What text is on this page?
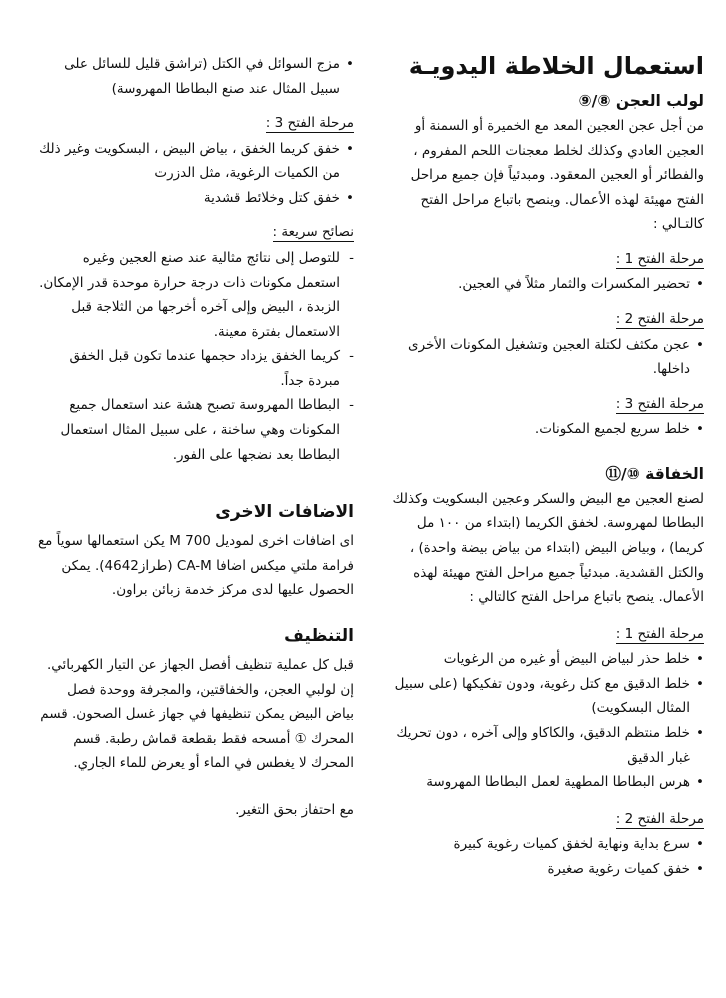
استعمال الخلاطة اليدويـة
لولب العجن ⑧/⑨

من أجل عجن العجين المعد مع الخميرة أو السمنة أو العجين العادي وكذلك لخلط معجنات اللحم المفروم ، والفطائر أو العجين المعقود. ومبدئياً فإن جميع مراحل الفتح مهيئة لهذه الأعمال. وينصح باتباع مراحل الفتح كالتـالي :

مرحلة الفتح 1 :
• تحضير المكسرات والثمار مثلاً في العجين.
مرحلة الفتح 2 :
• عجن مكثف لكتلة العجين وتشغيل المكونات الأخرى داخلها.
مرحلة الفتح 3 :
• خلط سريع لجميع المكونات.
الخفاقة ⑩/⑪

لصنع العجين مع البيض والسكر وعجين البسكويت وكذلك البطاطا لمهروسة. لخفق الكريما (ابتداء من ١٠٠ مل كريما) ، وبياض البيض (ابتداء من بياض بيضة واحدة) ، والكتل القشدية. مبدئياً جميع مراحل الفتح مهيئة لهذه الأعمال. ينصح باتباع مراحل الفتح كالتالي :

مرحلة الفتح 1 :
• خلط حذر لبياض البيض أو غيره من الرغويات
• خلط الدقيق مع كتل رغوية، ودون تفكيكها (على سبيل المثال البسكويت)
• خلط منتظم الدقيق، والكاكاو وإلى آخره ، دون تحريك غبار الدقيق
• هرس البطاطا المطهية لعمل البطاطا المهروسة
مرحلة الفتح 2 :
• سرع بداية ونهاية لخفق كميات رغوية كبيرة
• خفق كميات رغوية صغيرة
• مزج السوائل في الكتل (تراشق قليل للسائل على سبيل المثال عند صنع البطاطا المهروسة)
مرحلة الفتح 3 :
• خفق كريما الخفق ، بياض البيض ، البسكويت وغير ذلك من الكميات الرغوية، مثل الدزرت
• خفق كتل وخلائط قشدية
نصائح سريعة :
- للتوصل إلى نتائج مثالية عند صنع العجين وغيره استعمل مكونات ذات درجة حرارة موحدة قدر الإمكان. الزبدة ، البيض وإلى آخره أخرجها من الثلاجة قبل الاستعمال بفترة معينة.
- كريما الخفق يزداد حجمها عندما تكون قبل الخفق مبردة جداً.
- البطاطا المهروسة تصبح هشة عند استعمال جميع المكونات وهي ساخنة ، على سبيل المثال استعمال البطاطا بعد نضجها على الفور.
الاضافات الاخرى

اى اضافات اخرى لموديل M 700 يكن استعمالها سوياً مع فرامة ملتي ميكس اضافا CA-M (طراز4642). يمكن الحصول عليها لدى مركز خدمة زبائن براون.

التنظيف

قبل كل عملية تنظيف أفصل الجهاز عن التيار الكهربائي. إن لولبي العجن، والخفاقتين، والمجرفة ووحدة فصل بياض البيض يمكن تنظيفها في جهاز غسل الصحون. قسم المحرك ① أمسحه فقط بقطعة قماش رطبة. قسم المحرك لا يغطس في الماء أو يعرض للماء الجاري.

مع احتفاز بحق التغير.
